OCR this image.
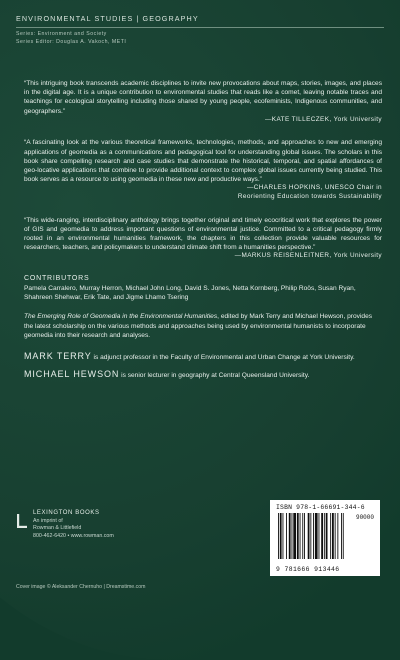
ENVIRONMENTAL STUDIES | GEOGRAPHY
Series: Environment and Society
Series Editor: Douglas A. Vakoch, METI
“This intriguing book transcends academic disciplines to invite new provocations about maps, stories, images, and places in the digital age. It is a unique contribution to environmental studies that reads like a comet, leaving notable traces and teachings for ecological storytelling including those shared by young people, ecofeminists, Indigenous communities, and geographers.”
—KATE TILLECZEK, York University
“A fascinating look at the various theoretical frameworks, technologies, methods, and approaches to new and emerging applications of geomedia as a communications and pedagogical tool for understanding global issues. The scholars in this book share compelling research and case studies that demonstrate the historical, temporal, and spatial affordances of geo-locative applications that combine to provide additional context to complex global issues currently being studied. This book serves as a resource to using geomedia in these new and productive ways.”
—CHARLES HOPKINS, UNESCO Chair in
Reorienting Education towards Sustainability
“This wide-ranging, interdisciplinary anthology brings together original and timely ecocritical work that explores the power of GIS and geomedia to address important questions of environmental justice. Committed to a critical pedagogy firmly rooted in an environmental humanities framework, the chapters in this collection provide valuable resources for researchers, teachers, and policymakers to understand climate shift from a humanities perspective.”
—MARKUS REISENLEITNER, York University
CONTRIBUTORS
Pamela Carralero, Murray Herron, Michael John Long, David S. Jones, Netta Kornberg, Philip Roös, Susan Ryan, Shahreen Shehwar, Erik Tate, and Jigme Lhamo Tsering
The Emerging Role of Geomedia in the Environmental Humanities, edited by Mark Terry and Michael Hewson, provides the latest scholarship on the various methods and approaches being used by environmental humanists to incorporate geomedia into their research and analyses.
MARK TERRY is adjunct professor in the Faculty of Environmental and Urban Change at York University.
MICHAEL HEWSON is senior lecturer in geography at Central Queensland University.
LEXINGTON BOOKS
An imprint of
Rowman & Littlefield
800-462-6420 • www.rowman.com
Cover image © Aleksander Chernuho | Dreamstime.com
ISBN 978-1-66691-344-6
90000
9 781666 913446
